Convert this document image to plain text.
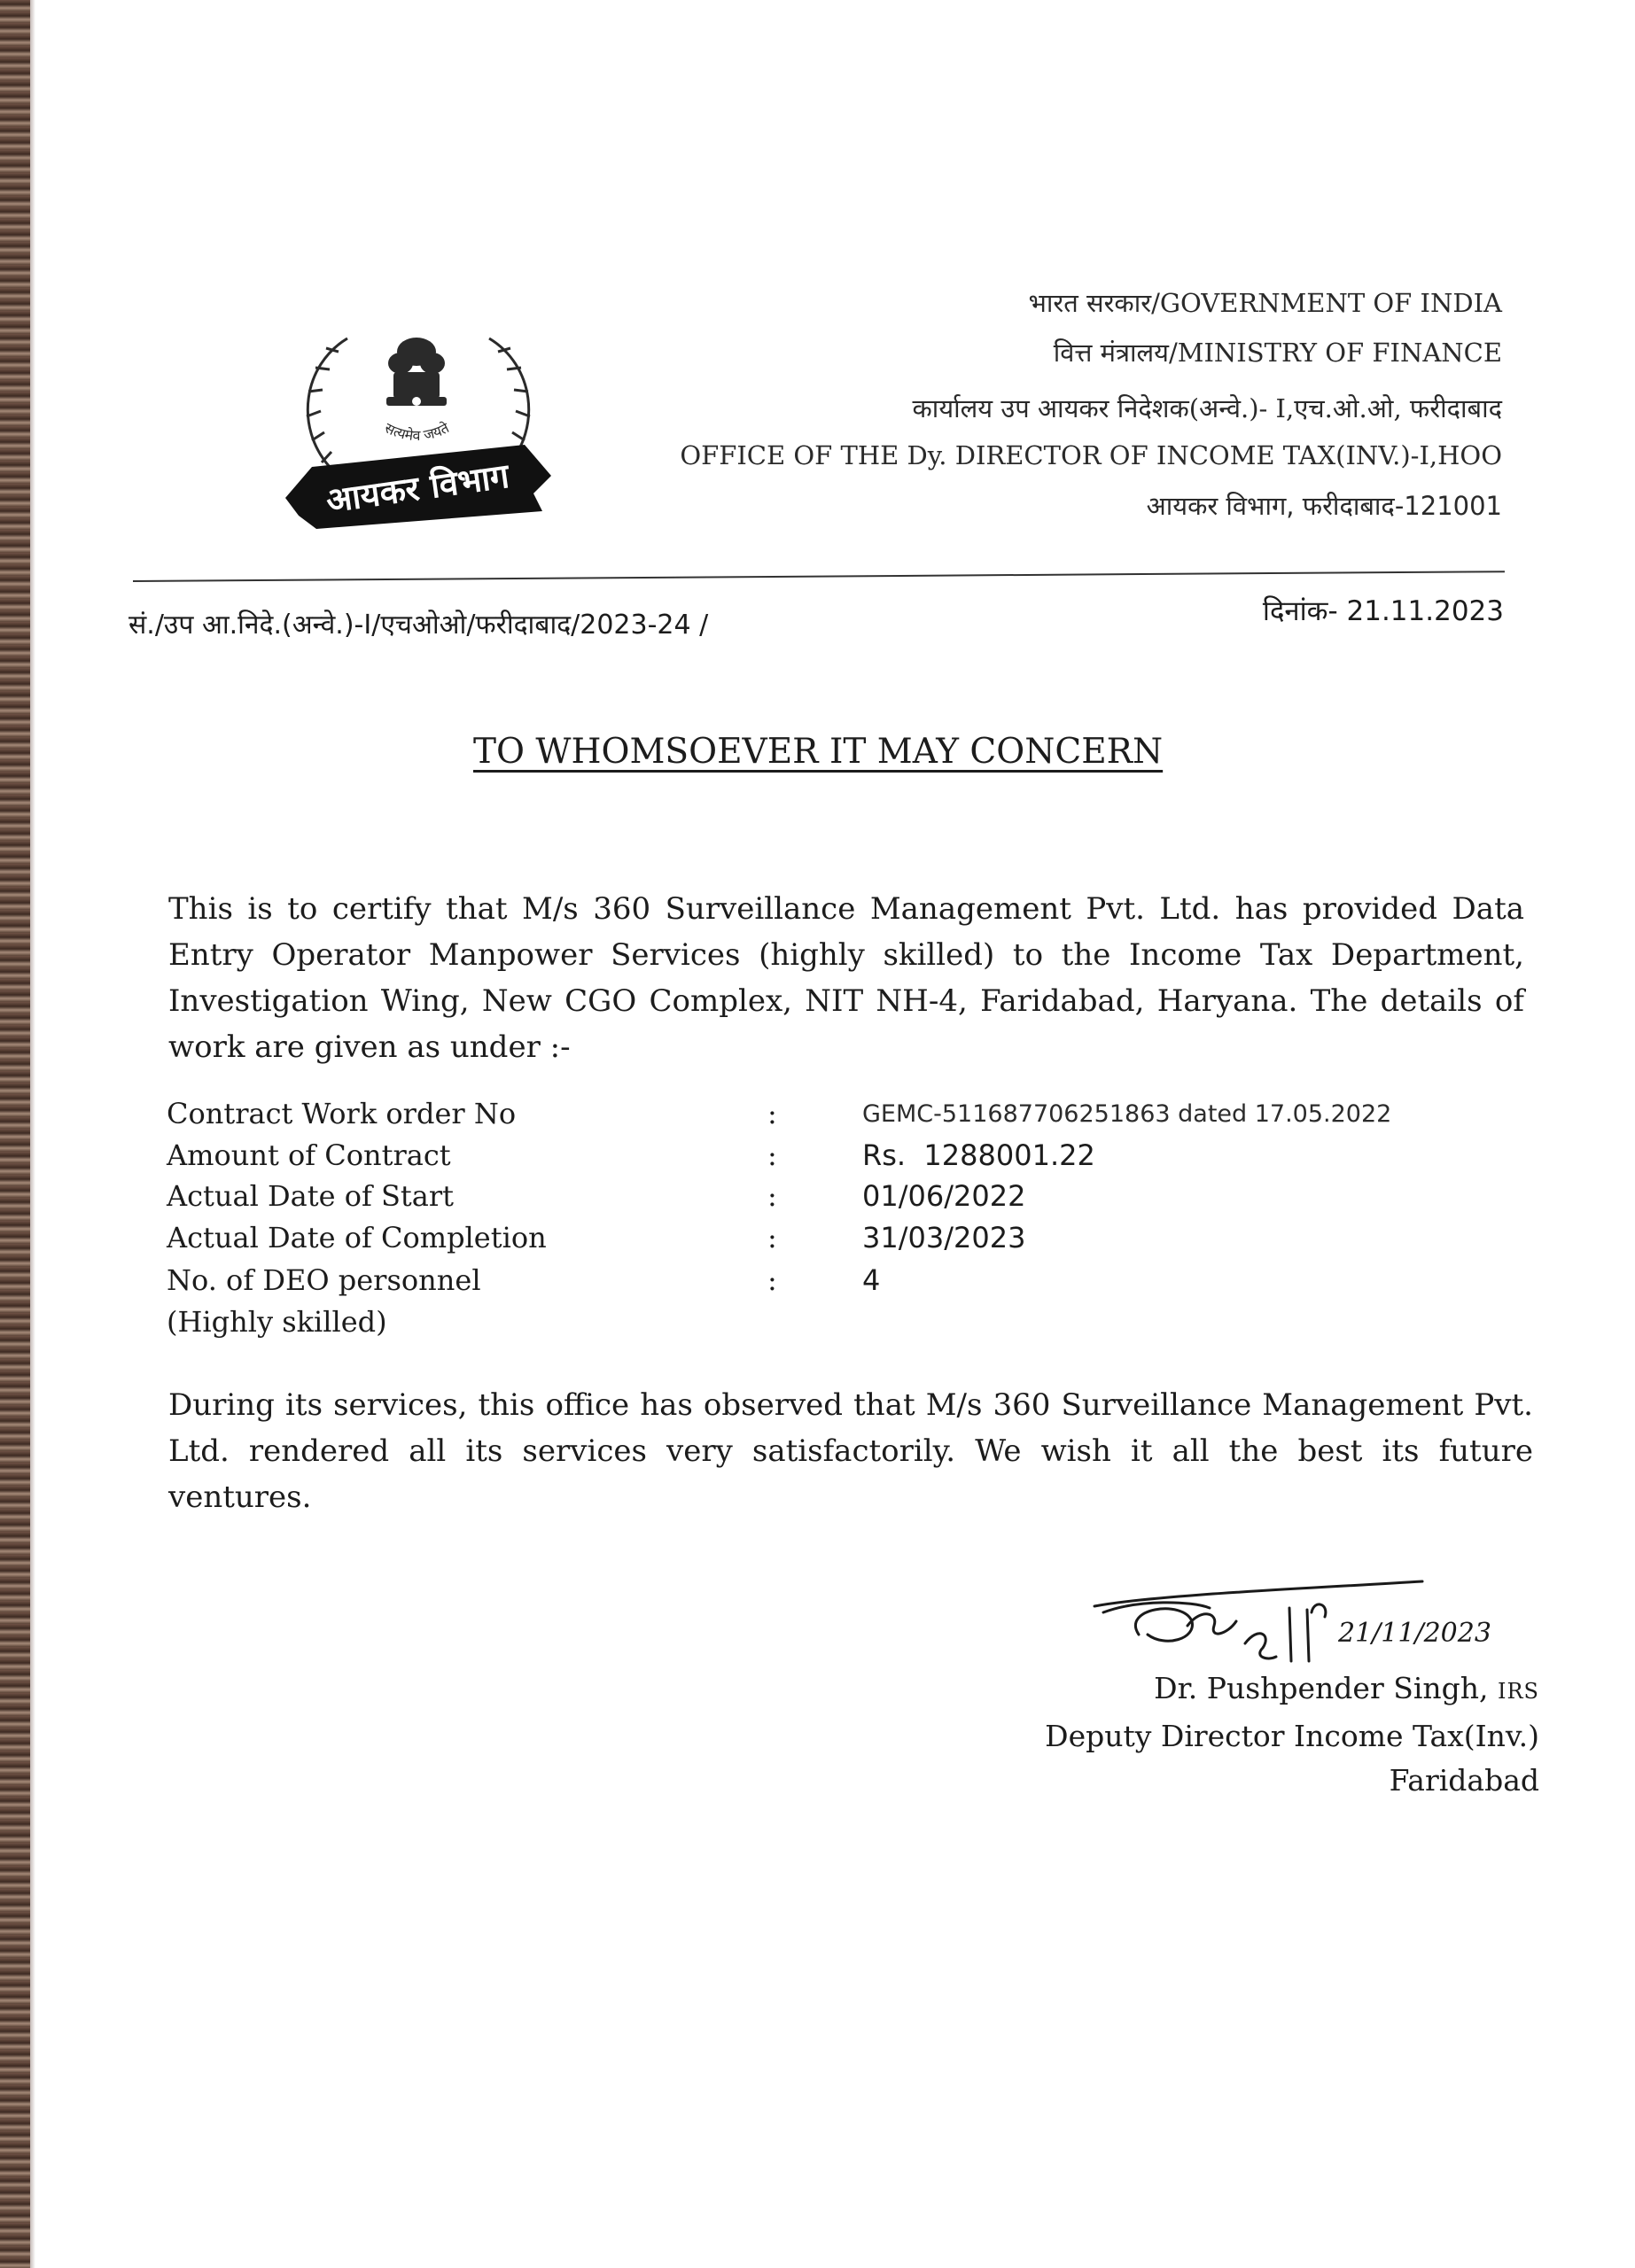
सत्यमेव जयते
आयकर विभाग
भारत सरकार/GOVERNMENT OF INDIA
वित्त मंत्रालय/MINISTRY OF FINANCE
कार्यालय उप आयकर निदेशक(अन्वे.)- I,एच.ओ.ओ, फरीदाबाद
OFFICE OF THE Dy. DIRECTOR OF INCOME TAX(INV.)-I,HOO
आयकर विभाग, फरीदाबाद-121001
सं./उप आ.निदे.(अन्वे.)-I/एचओओ/फरीदाबाद/2023-24 /	दिनांक- 21.11.2023
TO WHOMSOEVER IT MAY CONCERN
This is to certify that M/s 360 Surveillance Management Pvt. Ltd. has provided Data Entry Operator Manpower Services (highly skilled) to the Income Tax Department, Investigation Wing, New CGO Complex, NIT NH-4, Faridabad, Haryana. The details of work are given as under :-
Contract Work order No	:	GEMC-511687706251863 dated 17.05.2022
Amount of Contract	:	Rs.  1288001.22
Actual Date of Start	:	01/06/2022
Actual Date of Completion	:	31/03/2023
No. of DEO personnel	:	4
(Highly skilled)
During its services, this office has observed that M/s 360 Surveillance Management Pvt. Ltd. rendered all its services very satisfactorily. We wish it all the best its future ventures.
21/11/2023
Dr. Pushpender Singh, IRS
Deputy Director Income Tax(Inv.)
Faridabad
